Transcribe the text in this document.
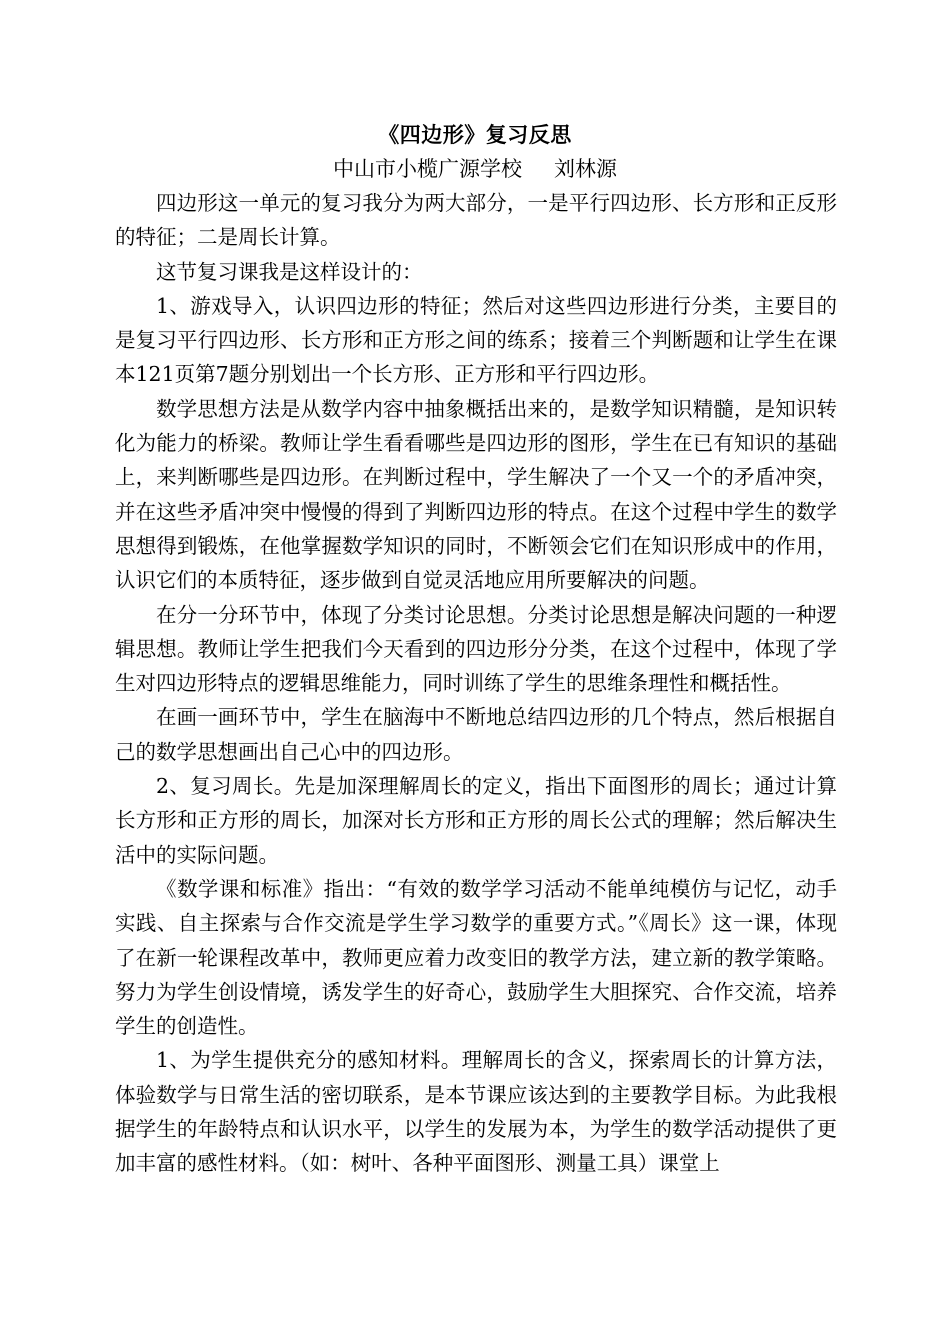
《四边形》复习反思
中山市小榄广源学校 刘林源

四边形这一单元的复习我分为两大部分，一是平行四边形、长方形和正反形的特征；二是周长计算。

这节复习课我是这样设计的：

1、游戏导入，认识四边形的特征；然后对这些四边形进行分类，主要目的是复习平行四边形、长方形和正方形之间的练系；接着三个判断题和让学生在课本121页第7题分别划出一个长方形、正方形和平行四边形。

数学思想方法是从数学内容中抽象概括出来的，是数学知识精髓，是知识转化为能力的桥梁。教师让学生看看哪些是四边形的图形，学生在已有知识的基础上，来判断哪些是四边形。在判断过程中，学生解决了一个又一个的矛盾冲突，并在这些矛盾冲突中慢慢的得到了判断四边形的特点。在这个过程中学生的数学思想得到锻炼，在他掌握数学知识的同时，不断领会它们在知识形成中的作用，认识它们的本质特征，逐步做到自觉灵活地应用所要解决的问题。

在分一分环节中，体现了分类讨论思想。分类讨论思想是解决问题的一种逻辑思想。教师让学生把我们今天看到的四边形分分类，在这个过程中，体现了学生对四边形特点的逻辑思维能力，同时训练了学生的思维条理性和概括性。

在画一画环节中，学生在脑海中不断地总结四边形的几个特点，然后根据自己的数学思想画出自己心中的四边形。

2、复习周长。先是加深理解周长的定义，指出下面图形的周长；通过计算长方形和正方形的周长，加深对长方形和正方形的周长公式的理解；然后解决生活中的实际问题。

《数学课和标准》指出：“有效的数学学习活动不能单纯模仿与记忆，动手实践、自主探索与合作交流是学生学习数学的重要方式。”《周长》这一课，体现了在新一轮课程改革中，教师更应着力改变旧的教学方法，建立新的教学策略。努力为学生创设情境，诱发学生的好奇心，鼓励学生大胆探究、合作交流，培养学生的创造性。

1、为学生提供充分的感知材料。理解周长的含义，探索周长的计算方法，体验数学与日常生活的密切联系，是本节课应该达到的主要教学目标。为此我根据学生的年龄特点和认识水平，以学生的发展为本，为学生的数学活动提供了更加丰富的感性材料。（如：树叶、各种平面图形、测量工具）课堂上
